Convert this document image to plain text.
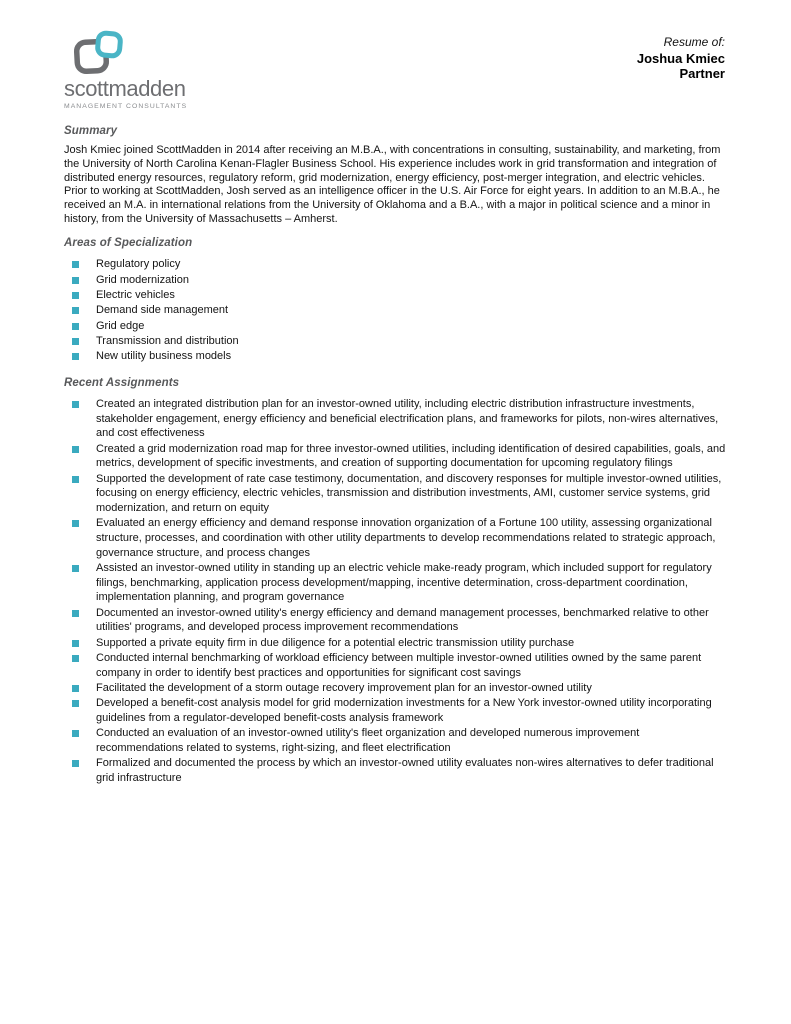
scottmadden
MANAGEMENT CONSULTANTS
Resume of:
Joshua Kmiec
Partner
Summary
Josh Kmiec joined ScottMadden in 2014 after receiving an M.B.A., with concentrations in consulting, sustainability, and marketing, from the University of North Carolina Kenan-Flagler Business School. His experience includes work in grid transformation and integration of distributed energy resources, regulatory reform, grid modernization, energy efficiency, post-merger integration, and electric vehicles. Prior to working at ScottMadden, Josh served as an intelligence officer in the U.S. Air Force for eight years. In addition to an M.B.A., he received an M.A. in international relations from the University of Oklahoma and a B.A., with a major in political science and a minor in history, from the University of Massachusetts – Amherst.
Areas of Specialization
Regulatory policy
Grid modernization
Electric vehicles
Demand side management
Grid edge
Transmission and distribution
New utility business models
Recent Assignments
Created an integrated distribution plan for an investor-owned utility, including electric distribution infrastructure investments, stakeholder engagement, energy efficiency and beneficial electrification plans, and frameworks for pilots, non-wires alternatives, and cost effectiveness
Created a grid modernization road map for three investor-owned utilities, including identification of desired capabilities, goals, and metrics, development of specific investments, and creation of supporting documentation for upcoming regulatory filings
Supported the development of rate case testimony, documentation, and discovery responses for multiple investor-owned utilities, focusing on energy efficiency, electric vehicles, transmission and distribution investments, AMI, customer service systems, grid modernization, and return on equity
Evaluated an energy efficiency and demand response innovation organization of a Fortune 100 utility, assessing organizational structure, processes, and coordination with other utility departments to develop recommendations related to strategic approach, governance structure, and process changes
Assisted an investor-owned utility in standing up an electric vehicle make-ready program, which included support for regulatory filings, benchmarking, application process development/mapping, incentive determination, cross-department coordination, implementation planning, and program governance
Documented an investor-owned utility's energy efficiency and demand management processes, benchmarked relative to other utilities' programs, and developed process improvement recommendations
Supported a private equity firm in due diligence for a potential electric transmission utility purchase
Conducted internal benchmarking of workload efficiency between multiple investor-owned utilities owned by the same parent company in order to identify best practices and opportunities for significant cost savings
Facilitated the development of a storm outage recovery improvement plan for an investor-owned utility
Developed a benefit-cost analysis model for grid modernization investments for a New York investor-owned utility incorporating guidelines from a regulator-developed benefit-costs analysis framework
Conducted an evaluation of an investor-owned utility's fleet organization and developed numerous improvement recommendations related to systems, right-sizing, and fleet electrification
Formalized and documented the process by which an investor-owned utility evaluates non-wires alternatives to defer traditional grid infrastructure
